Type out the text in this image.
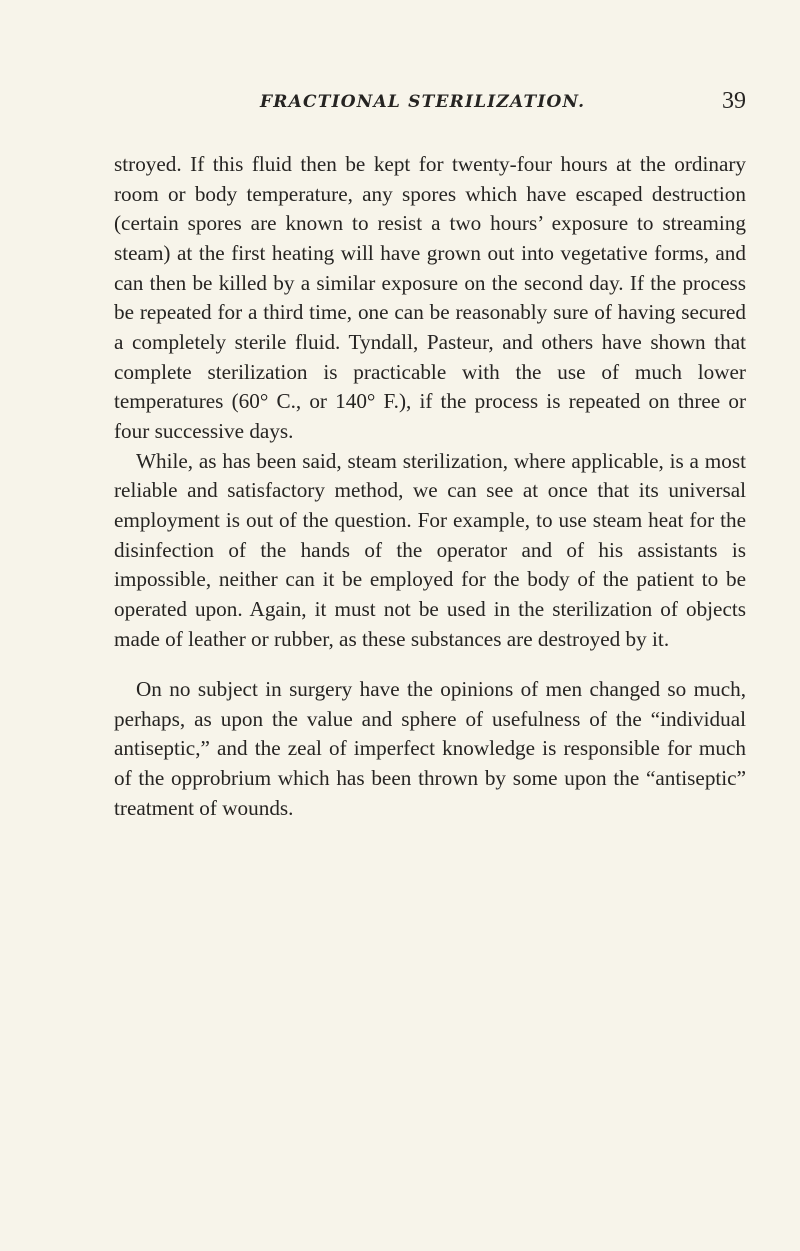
FRACTIONAL STERILIZATION.	39

stroyed. If this fluid then be kept for twenty-four hours at the ordinary room or body temperature, any spores which have escaped destruction (certain spores are known to resist a two hours’ exposure to streaming steam) at the first heating will have grown out into vegetative forms, and can then be killed by a similar exposure on the second day. If the process be repeated for a third time, one can be reasonably sure of having secured a completely sterile fluid. Tyndall, Pasteur, and others have shown that complete sterilization is practicable with the use of much lower temperatures (60° C., or 140° F.), if the process is repeated on three or four successive days.

While, as has been said, steam sterilization, where applicable, is a most reliable and satisfactory method, we can see at once that its universal employment is out of the question. For example, to use steam heat for the disinfection of the hands of the operator and of his assistants is impossible, neither can it be employed for the body of the patient to be operated upon. Again, it must not be used in the sterilization of objects made of leather or rubber, as these substances are destroyed by it.

On no subject in surgery have the opinions of men changed so much, perhaps, as upon the value and sphere of usefulness of the “individual antiseptic,” and the zeal of imperfect knowledge is responsible for much of the opprobrium which has been thrown by some upon the “antiseptic” treatment of wounds.
